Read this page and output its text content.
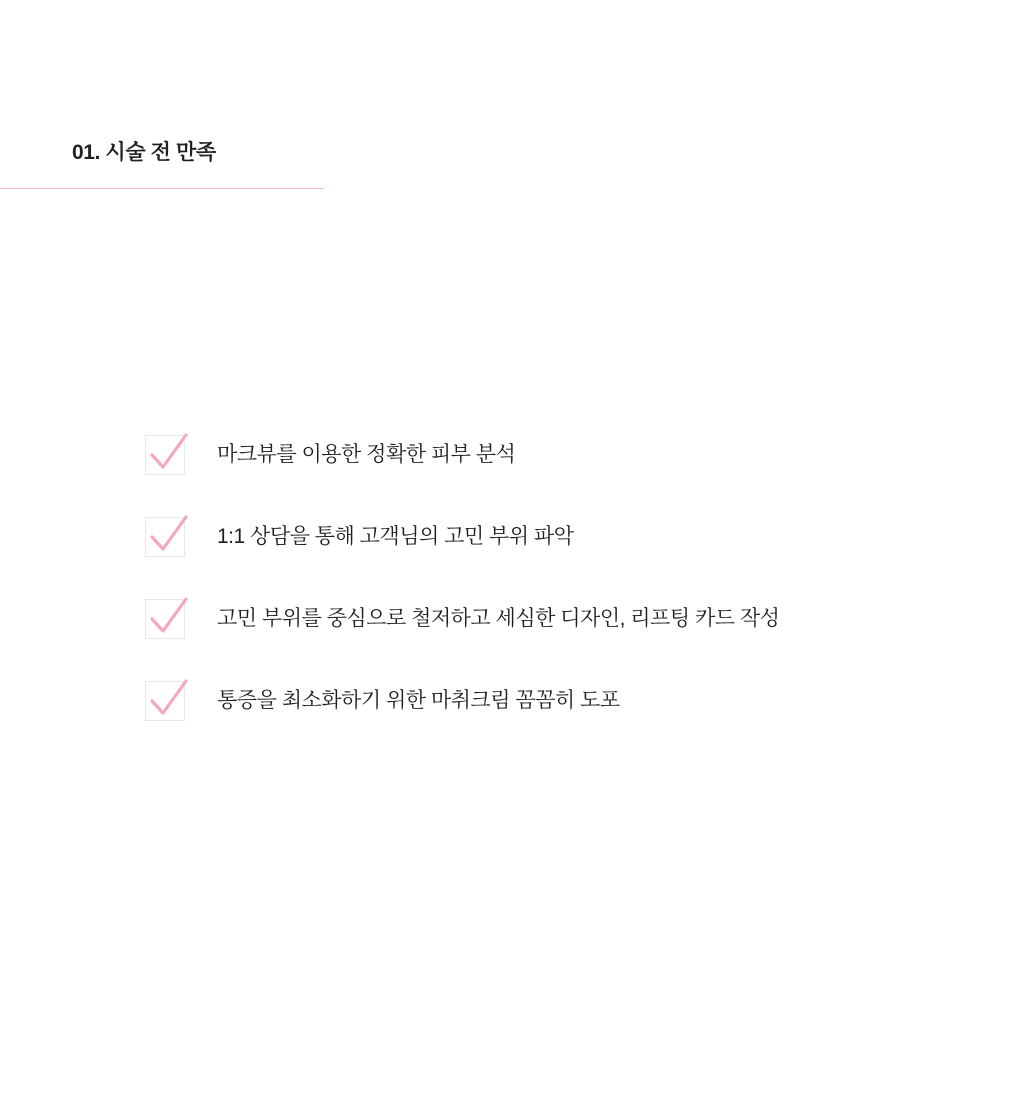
01. 시술 전 만족
마크뷰를 이용한 정확한 피부 분석
1:1 상담을 통해 고객님의 고민 부위 파악
고민 부위를 중심으로 철저하고 세심한 디자인, 리프팅 카드 작성
통증을 최소화하기 위한 마취크림 꼼꼼히 도포
